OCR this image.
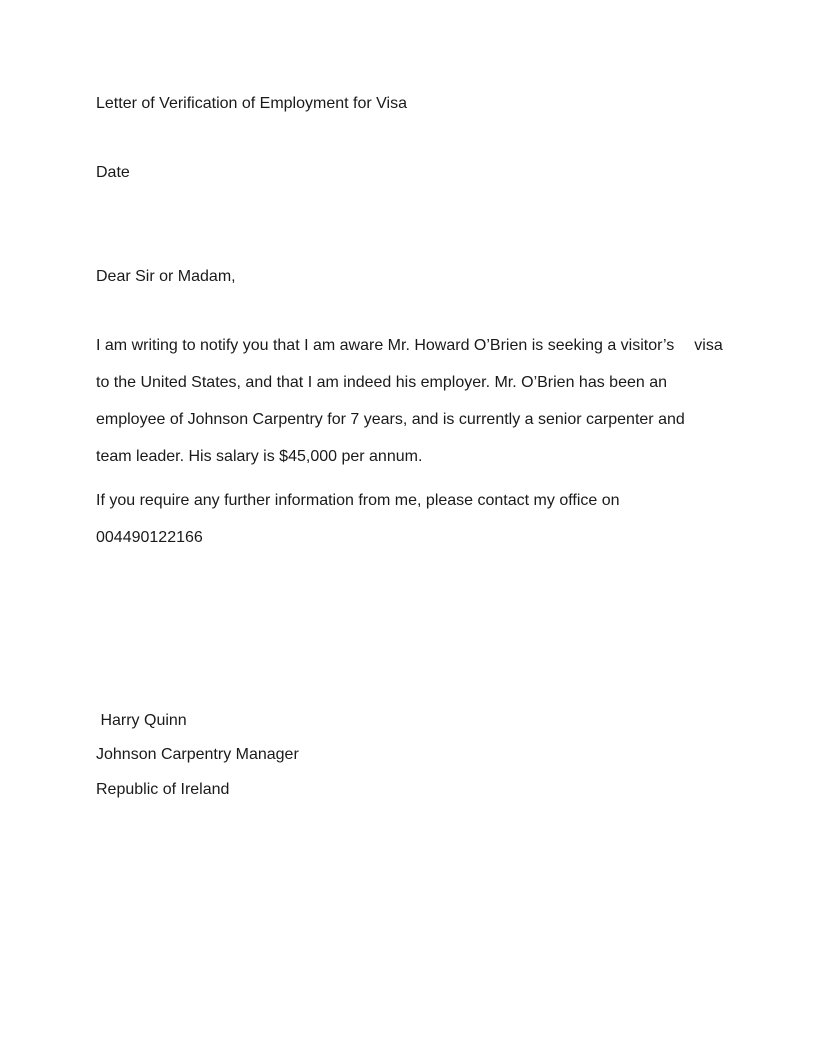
Letter of Verification of Employment for Visa
Date
Dear Sir or Madam,
I am writing to notify you that I am aware Mr. Howard O’Brien is seeking a visitor’s visa
to the United States, and that I am indeed his employer. Mr. O’Brien has been an
employee of Johnson Carpentry for 7 years, and is currently a senior carpenter and
team leader. His salary is $45,000 per annum.
If you require any further information from me, please contact my office on
004490122166
Harry Quinn
Johnson Carpentry Manager
Republic of Ireland
